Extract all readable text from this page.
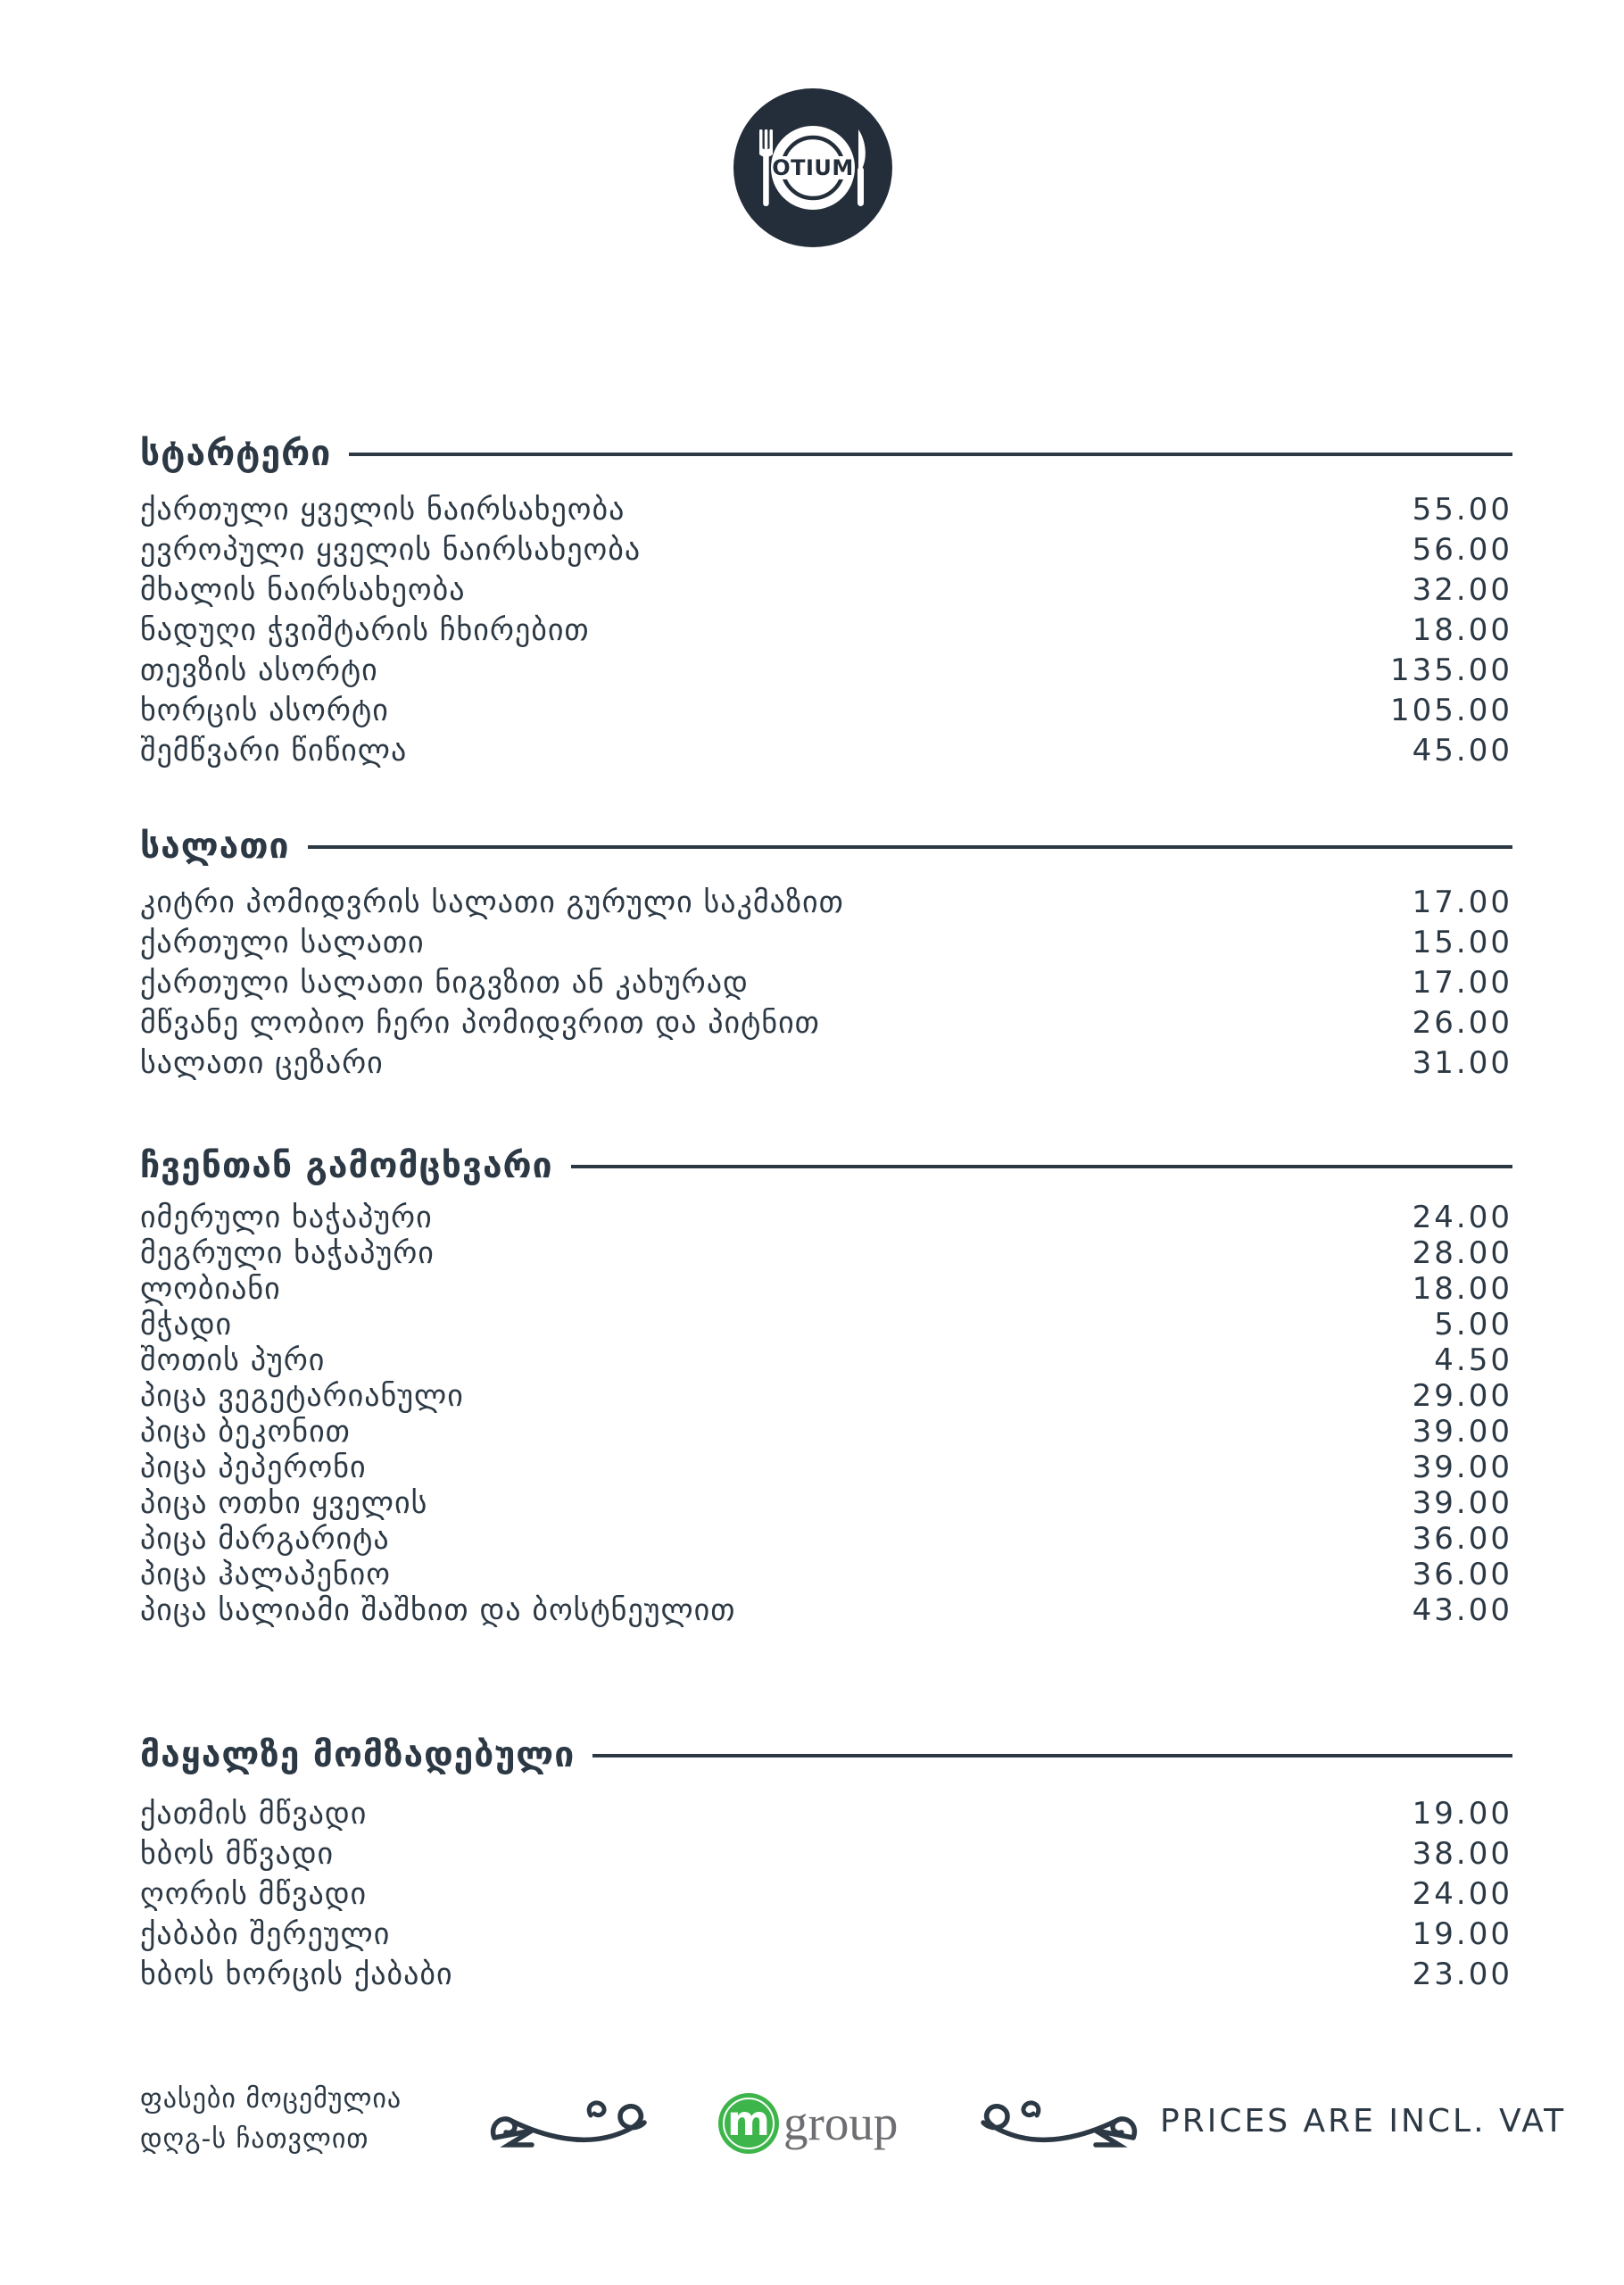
OTIUM
სტარტერი
ქართული ყველის ნაირსახეობა	55.00
ევროპული ყველის ნაირსახეობა	56.00
მხალის ნაირსახეობა	32.00
ნადუღი ჭვიშტარის ჩხირებით	18.00
თევზის ასორტი	135.00
ხორცის ასორტი	105.00
შემწვარი წიწილა	45.00
სალათი
კიტრი პომიდვრის სალათი გურული საკმაზით	17.00
ქართული სალათი	15.00
ქართული სალათი ნიგვზით ან კახურად	17.00
მწვანე ლობიო ჩერი პომიდვრით და პიტნით	26.00
სალათი ცეზარი	31.00
ჩვენთან გამომცხვარი
იმერული ხაჭაპური	24.00
მეგრული ხაჭაპური	28.00
ლობიანი	18.00
მჭადი	5.00
შოთის პური	4.50
პიცა ვეგეტარიანული	29.00
პიცა ბეკონით	39.00
პიცა პეპერონი	39.00
პიცა ოთხი ყველის	39.00
პიცა მარგარიტა	36.00
პიცა ჰალაპენიო	36.00
პიცა სალიამი შაშხით და ბოსტნეულით	43.00
მაყალზე მომზადებული
ქათმის მწვადი	19.00
ხბოს მწვადი	38.00
ღორის მწვადი	24.00
ქაბაბი შერეული	19.00
ხბოს ხორცის ქაბაბი	23.00
ფასები მოცემულია
დღგ-ს ჩათვლით	m group	PRICES ARE INCL. VAT
